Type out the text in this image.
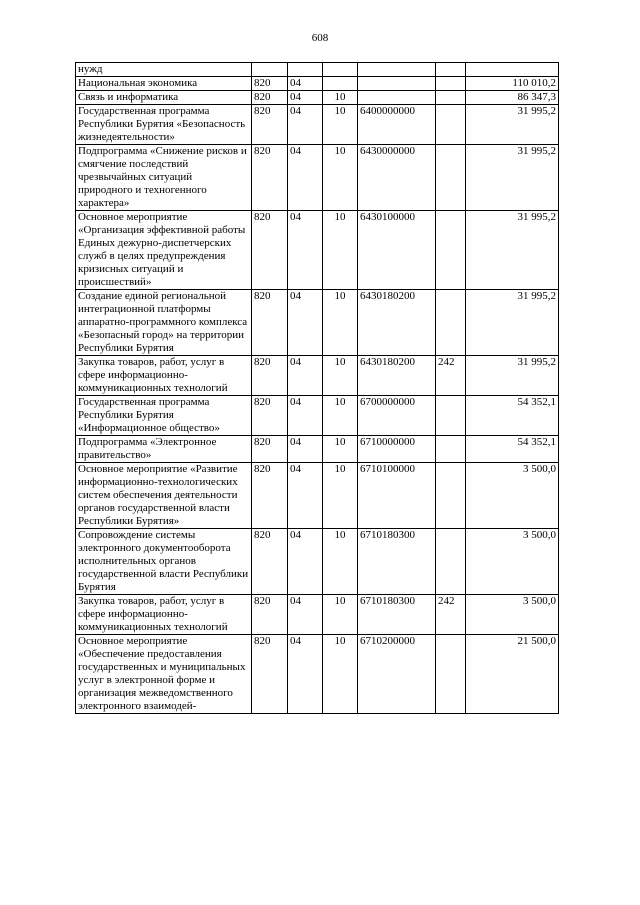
608
нужд						
Национальная экономика	820	04				110 010,2
Связь и информатика	820	04	10			86 347,3
Государственная программа Республики Бурятия «Безопасность жизнедеятельности»	820	04	10	6400000000		31 995,2
Подпрограмма «Снижение рисков и смягчение последствий чрезвычайных ситуаций природного и техногенного характера»	820	04	10	6430000000		31 995,2
Основное мероприятие «Организация эффективной работы Единых дежурно-диспетчерских служб в целях предупреждения кризисных ситуаций и происшествий»	820	04	10	6430100000		31 995,2
Создание единой региональной интеграционной платформы аппаратно-программного комплекса «Безопасный город» на территории Республики Бурятия	820	04	10	6430180200		31 995,2
Закупка товаров, работ, услуг в сфере информационно-коммуникационных технологий	820	04	10	6430180200	242	31 995,2
Государственная программа Республики Бурятия «Информационное общество»	820	04	10	6700000000		54 352,1
Подпрограмма «Электронное правительство»	820	04	10	6710000000		54 352,1
Основное мероприятие «Развитие информационно-технологических систем обеспечения деятельности органов государственной власти Республики Бурятия»	820	04	10	6710100000		3 500,0
Сопровождение системы электронного документооборота исполнительных органов государственной власти Республики Бурятия	820	04	10	6710180300		3 500,0
Закупка товаров, работ, услуг в сфере информационно-коммуникационных технологий	820	04	10	6710180300	242	3 500,0
Основное мероприятие «Обеспечение предоставления государственных и муниципальных услуг в электронной форме и организация межведомственного электронного взаимодей-	820	04	10	6710200000		21 500,0
